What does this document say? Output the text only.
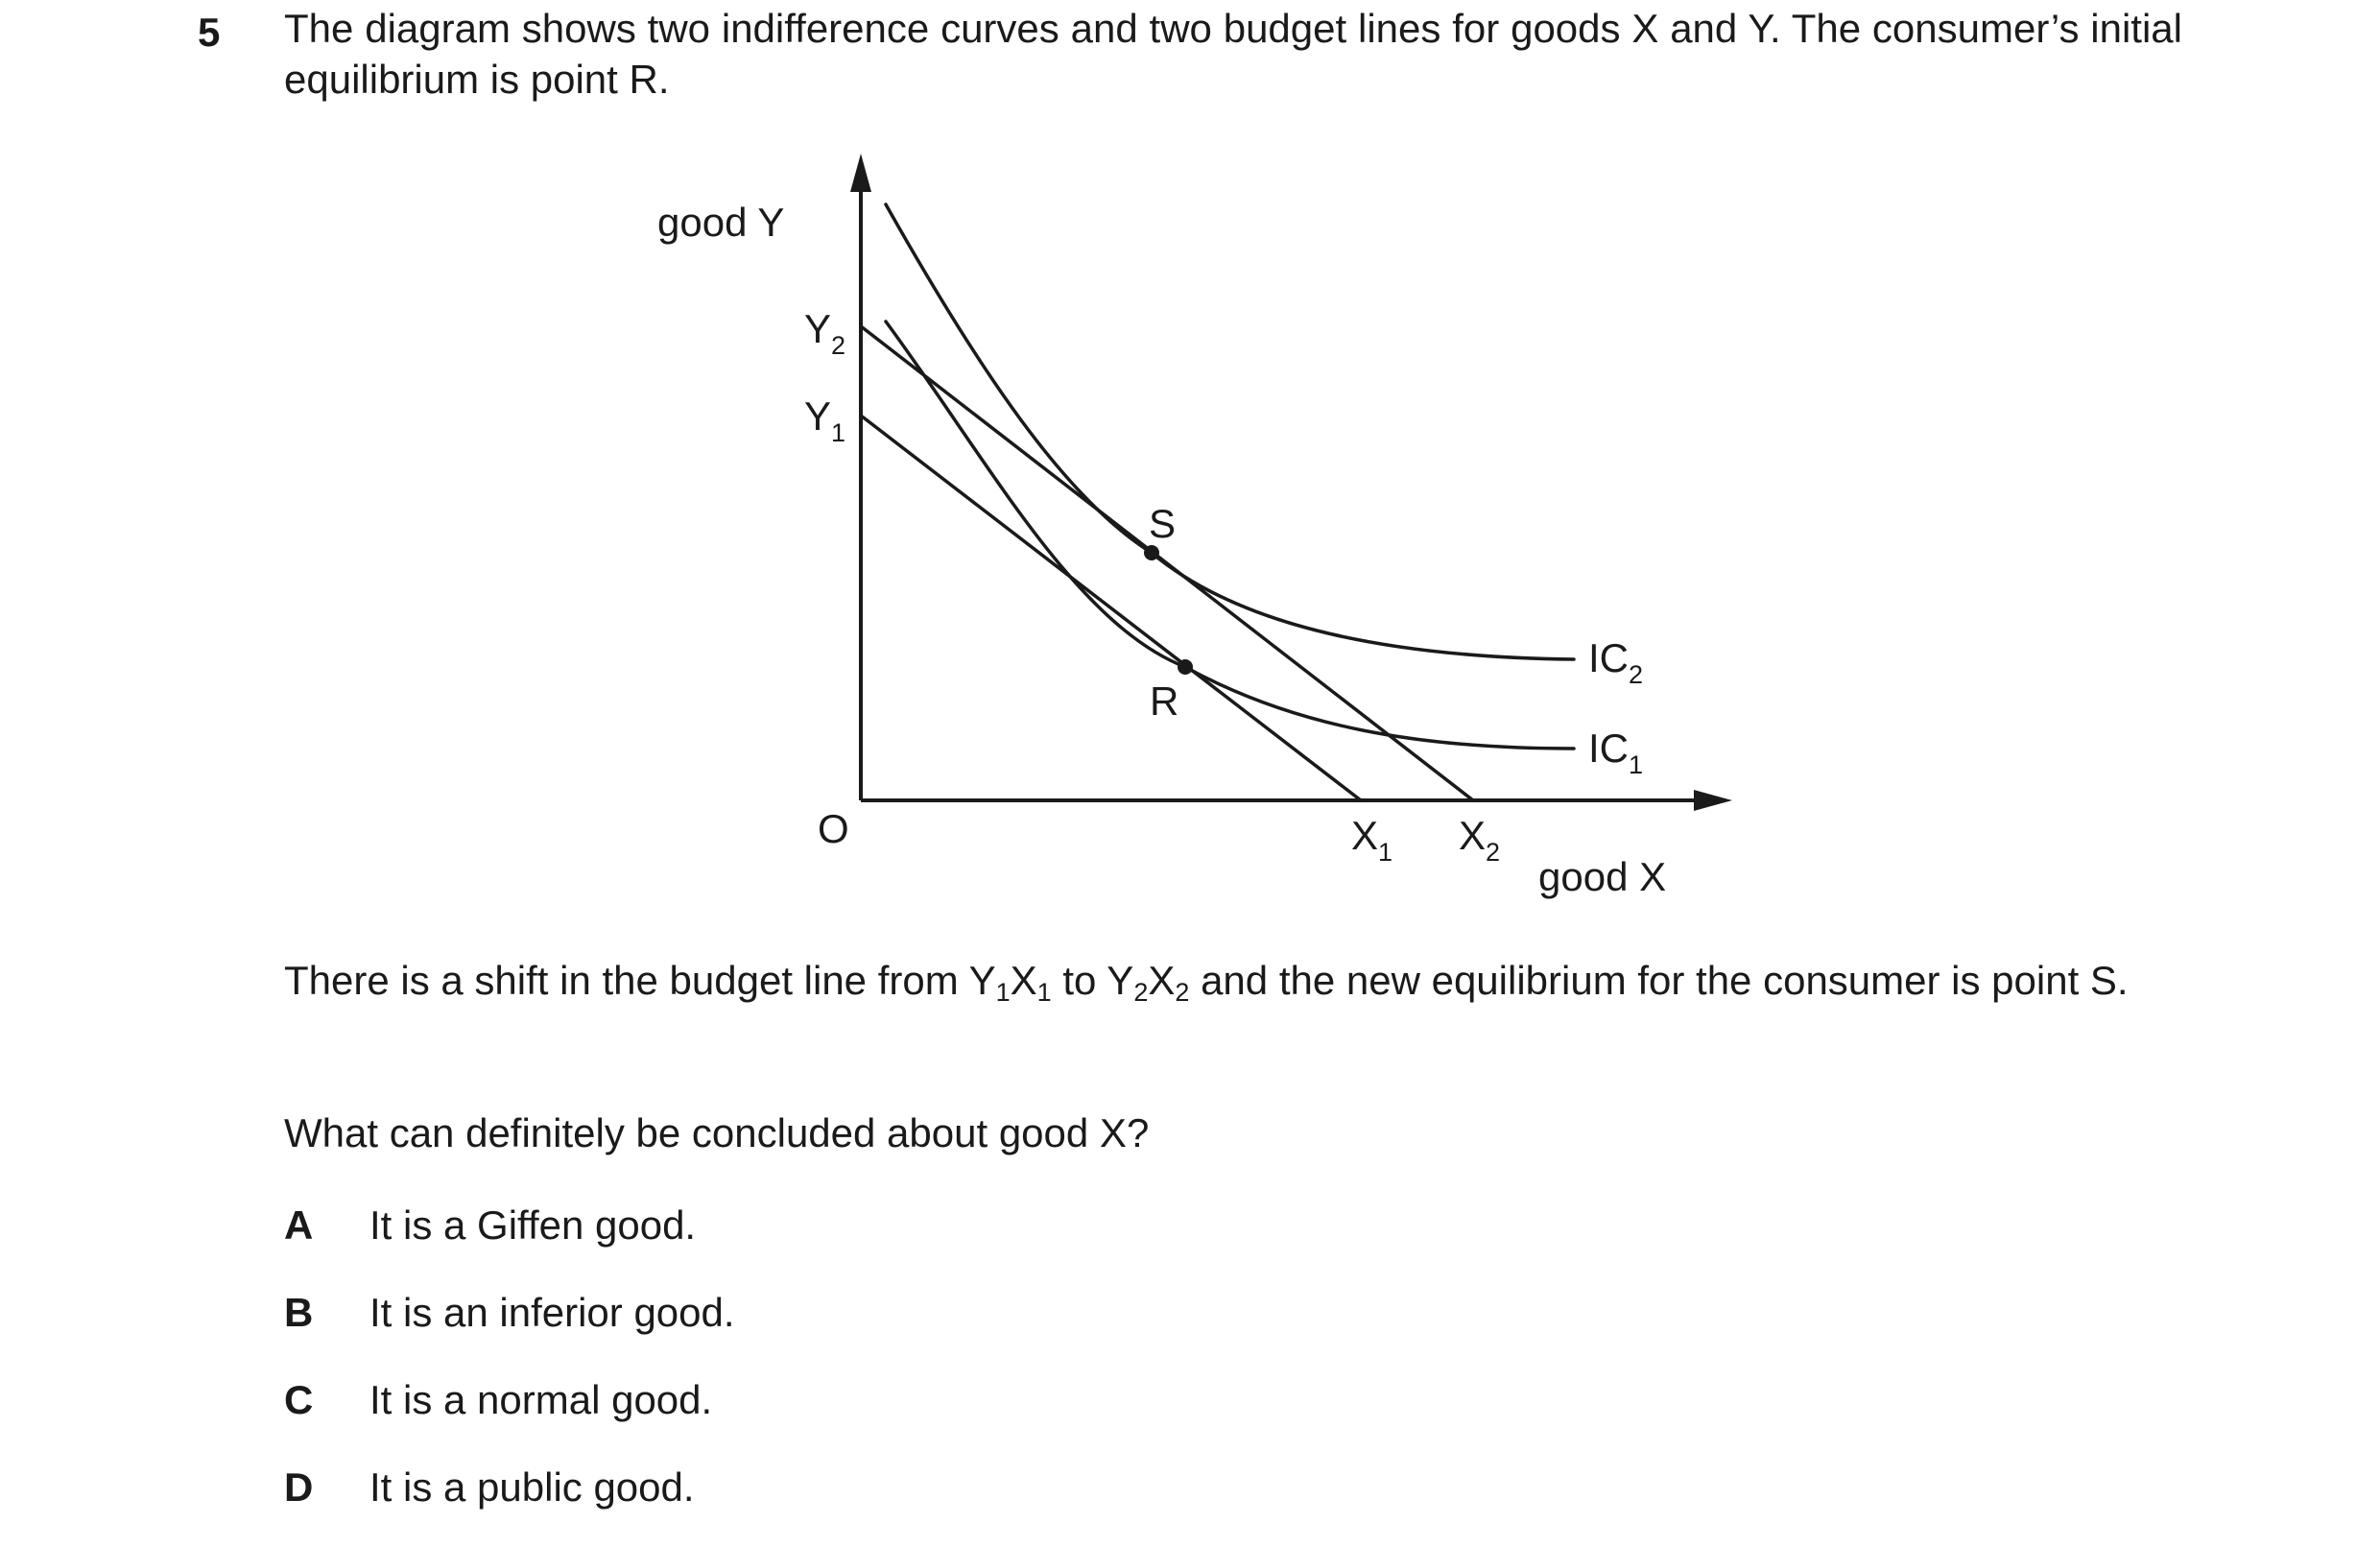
5 The diagram shows two indifference curves and two budget lines for goods X and Y. The consumer’s initial equilibrium is point R.

good Y
good X
O
$Y_2$
$Y_1$
$X_1$ $X_2$
$IC_2$
$IC_1$
S
R

There is a shift in the budget line from $Y_1X_1$ to $Y_2X_2$ and the new equilibrium for the consumer is point S.

What can definitely be concluded about good X?

A It is a Giffen good.
B It is an inferior good.
C It is a normal good.
D It is a public good.
